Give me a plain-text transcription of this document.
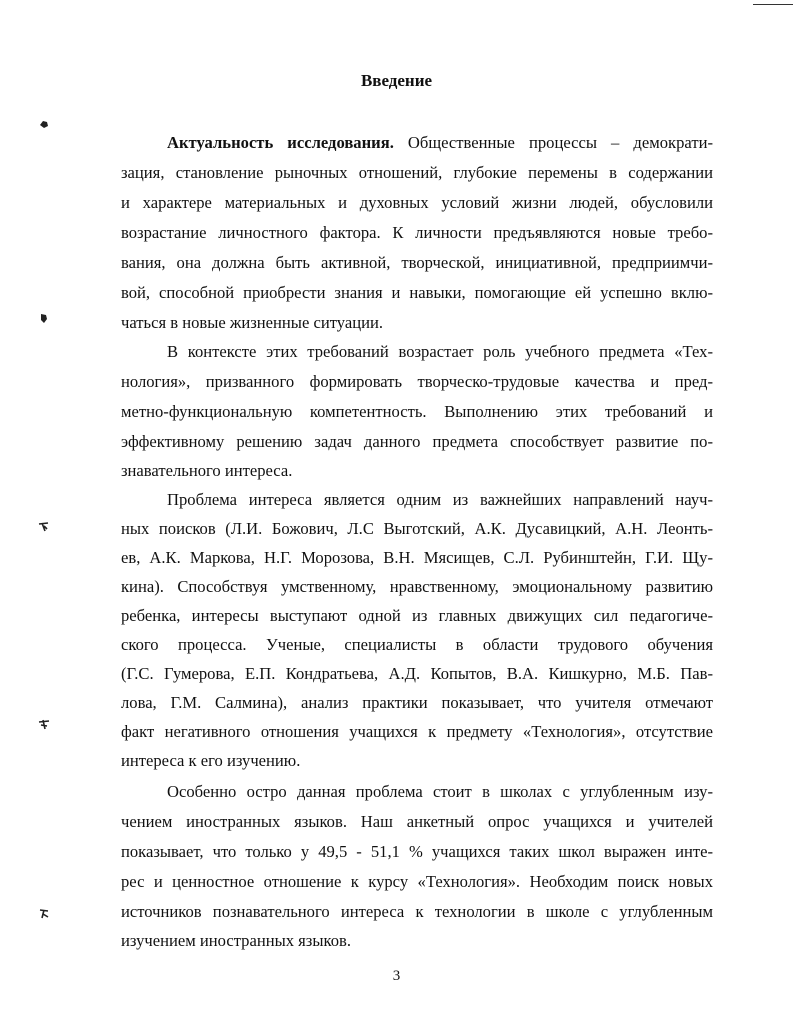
Введение
Актуальность исследования. Общественные процессы – демократи-
зация, становление рыночных отношений, глубокие перемены в содержании
и характере материальных и духовных условий жизни людей, обусловили
возрастание личностного фактора. К личности предъявляются новые требо-
вания, она должна быть активной, творческой, инициативной, предприимчи-
вой, способной приобрести знания и навыки, помогающие ей успешно вклю-
чаться в новые жизненные ситуации.
В контексте этих требований возрастает роль учебного предмета «Тех-
нология», призванного формировать творческо-трудовые качества и пред-
метно-функциональную компетентность. Выполнению этих требований и
эффективному решению задач данного предмета способствует развитие по-
знавательного интереса.
Проблема интереса является одним из важнейших направлений науч-
ных поисков (Л.И. Божович, Л.С Выготский, А.К. Дусавицкий, А.Н. Леонть-
ев, А.К. Маркова, Н.Г. Морозова, В.Н. Мясищев, С.Л. Рубинштейн, Г.И. Щу-
кина). Способствуя умственному, нравственному, эмоциональному развитию
ребенка, интересы выступают одной из главных движущих сил педагогиче-
ского процесса. Ученые, специалисты в области трудового обучения
(Г.С. Гумерова, Е.П. Кондратьева, А.Д. Копытов, В.А. Кишкурно, М.Б. Пав-
лова, Г.М. Салмина), анализ практики показывает, что учителя отмечают
факт негативного отношения учащихся к предмету «Технология», отсутствие
интереса к его изучению.
Особенно остро данная проблема стоит в школах с углубленным изу-
чением иностранных языков. Наш анкетный опрос учащихся и учителей
показывает, что только у 49,5 - 51,1 % учащихся таких школ выражен инте-
рес и ценностное отношение к курсу «Технология». Необходим поиск новых
источников познавательного интереса к технологии в школе с углубленным
изучением иностранных языков.
3
